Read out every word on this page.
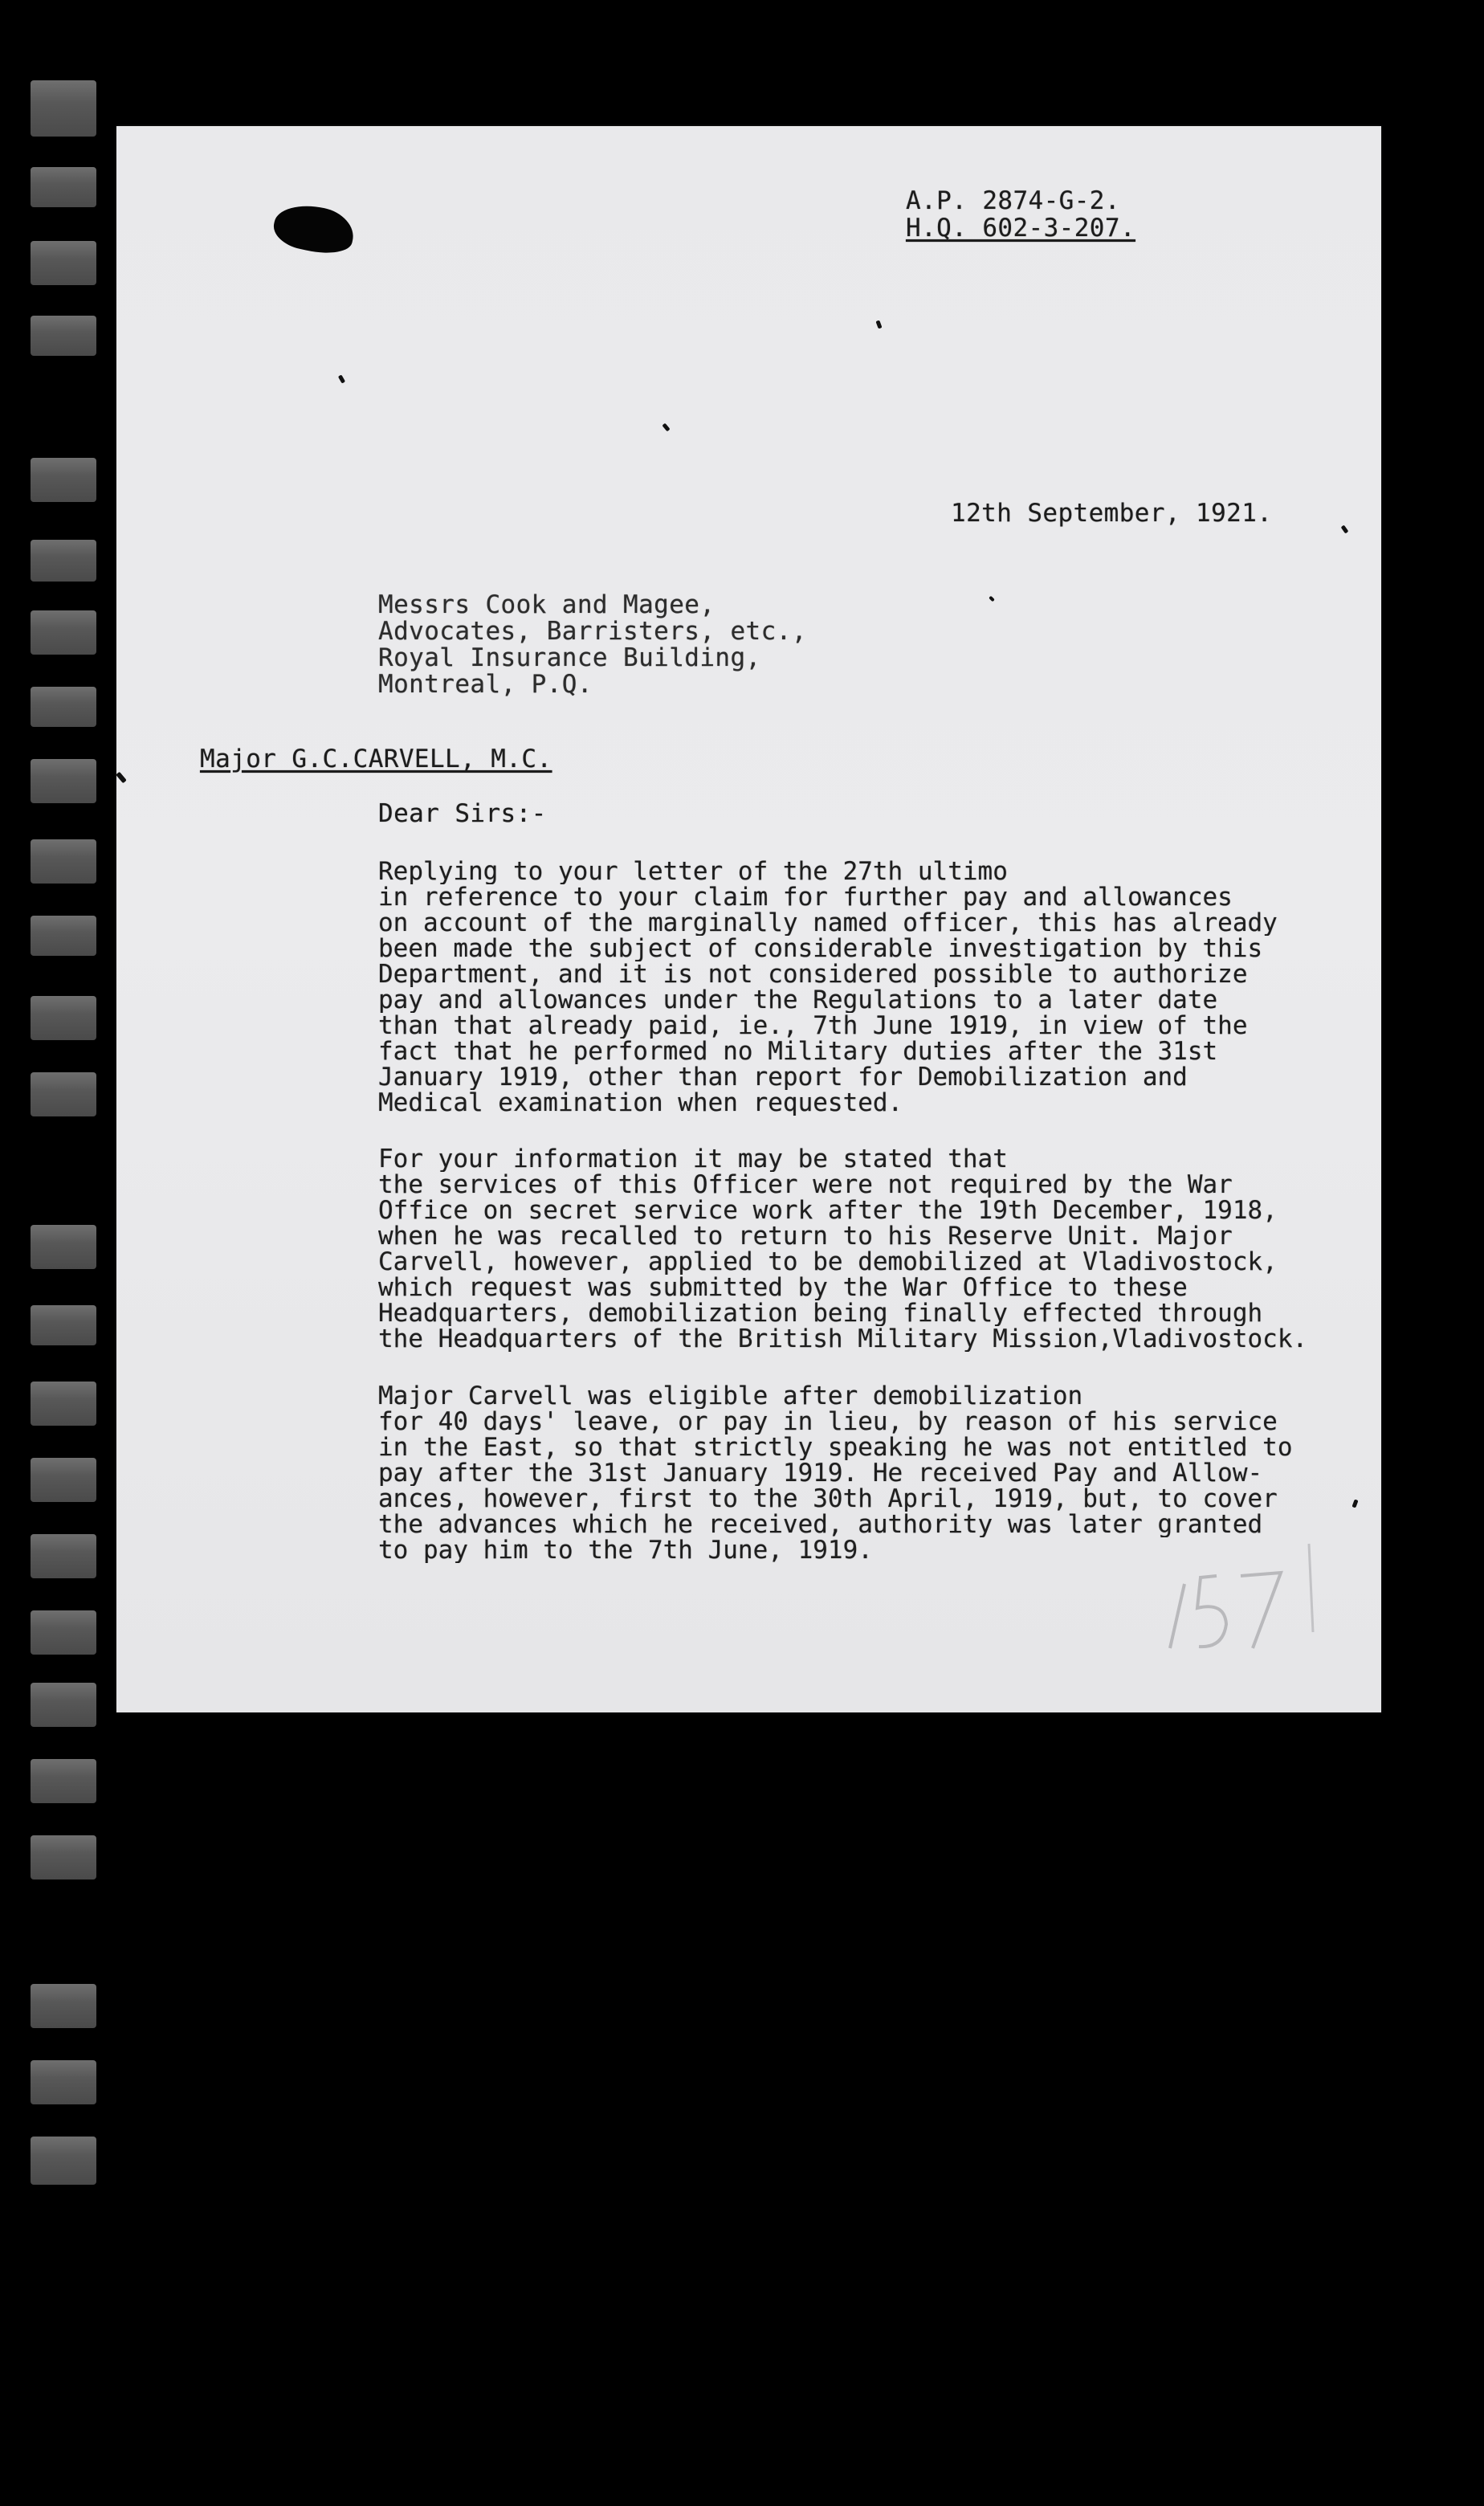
A.P. 2874-G-2.
H.Q. 602-3-207.
12th September, 1921.
Messrs Cook and Magee,
Advocates, Barristers, etc.,
Royal Insurance Building,
Montreal, P.Q.
Major G.C.CARVELL, M.C.
Dear Sirs:-
Replying to your letter of the 27th ultimo
in reference to your claim for further pay and allowances
on account of the marginally named officer, this has already
been made the subject of considerable investigation by this
Department, and it is not considered possible to authorize
pay and allowances under the Regulations to a later date
than that already paid, ie., 7th June 1919, in view of the
fact that he performed no Military duties after the 31st
January 1919, other than report for Demobilization and
Medical examination when requested.
For your information it may be stated that
the services of this Officer were not required by the War
Office on secret service work after the 19th December, 1918,
when he was recalled to return to his Reserve Unit. Major
Carvell, however, applied to be demobilized at Vladivostock,
which request was submitted by the War Office to these
Headquarters, demobilization being finally effected through
the Headquarters of the British Military Mission,Vladivostock.
Major Carvell was eligible after demobilization
for 40 days' leave, or pay in lieu, by reason of his service
in the East, so that strictly speaking he was not entitled to
pay after the 31st January 1919. He received Pay and Allow-
ances, however, first to the 30th April, 1919, but, to cover
the advances which he received, authority was later granted
to pay him to the 7th June, 1919.
